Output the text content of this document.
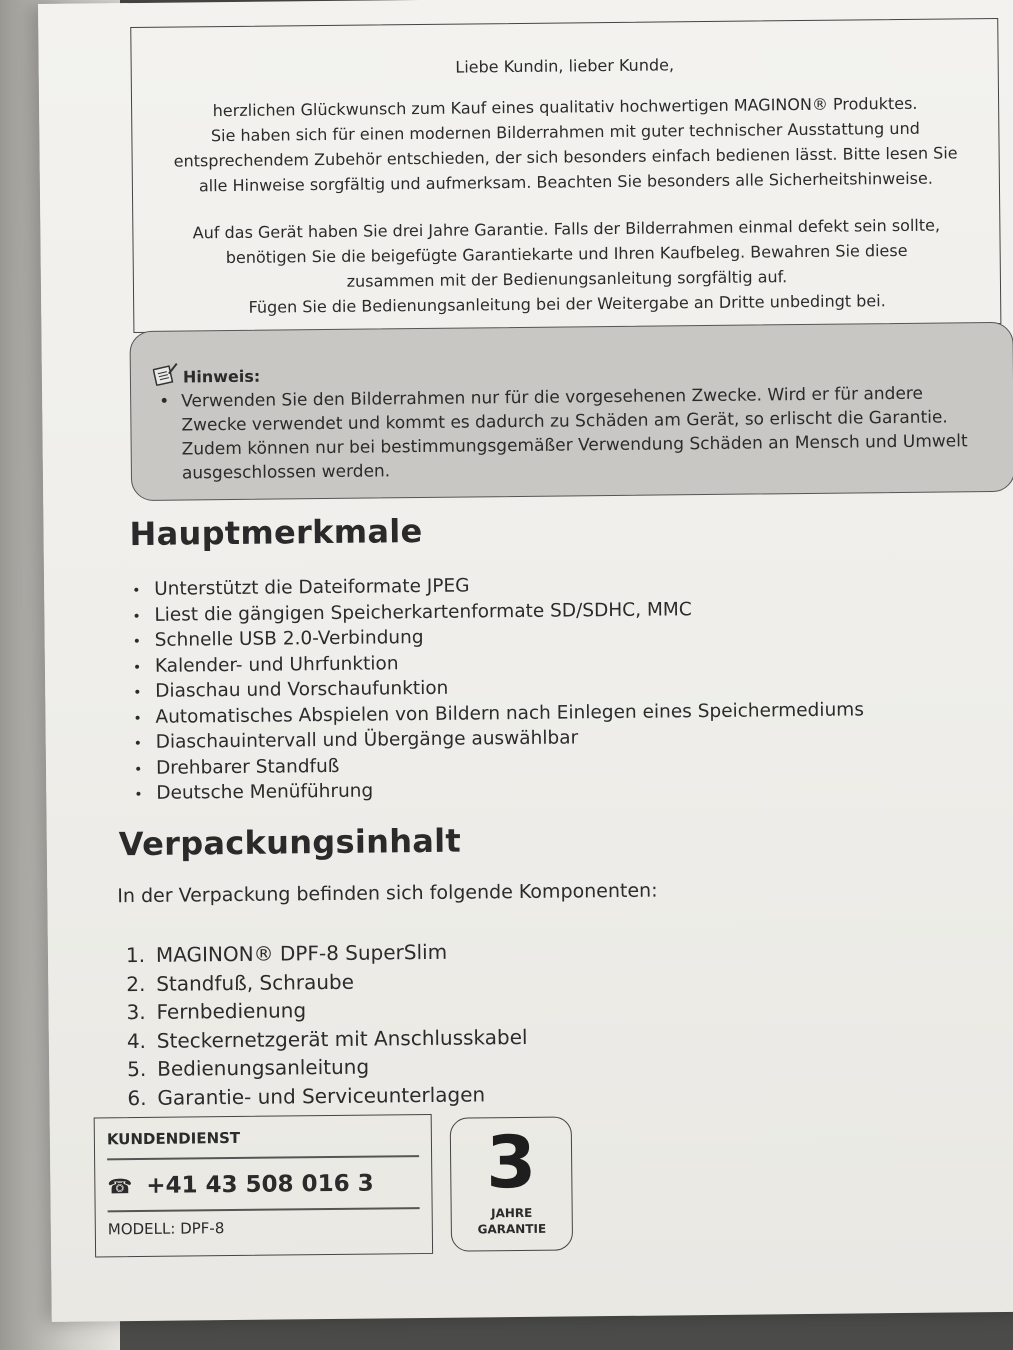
Liebe Kundin, lieber Kunde,

herzlichen Glückwunsch zum Kauf eines qualitativ hochwertigen MAGINON® Produktes.

Sie haben sich für einen modernen Bilderrahmen mit guter technischer Ausstattung und

entsprechendem Zubehör entschieden, der sich besonders einfach bedienen lässt. Bitte lesen Sie

alle Hinweise sorgfältig und aufmerksam. Beachten Sie besonders alle Sicherheitshinweise.

Auf das Gerät haben Sie drei Jahre Garantie. Falls der Bilderrahmen einmal defekt sein sollte,

benötigen Sie die beigefügte Garantiekarte und Ihren Kaufbeleg. Bewahren Sie diese

zusammen mit der Bedienungsanleitung sorgfältig auf.

Fügen Sie die Bedienungsanleitung bei der Weitergabe an Dritte unbedingt bei.

Hinweis:
• Verwenden Sie den Bilderrahmen nur für die vorgesehenen Zwecke. Wird er für andere Zwecke verwendet und kommt es dadurch zu Schäden am Gerät, so erlischt die Garantie. Zudem können nur bei bestimmungsgemäßer Verwendung Schäden an Mensch und Umwelt ausgeschlossen werden.
Hauptmerkmale
• Unterstützt die Dateiformate JPEG
• Liest die gängigen Speicherkartenformate SD/SDHC, MMC
• Schnelle USB 2.0-Verbindung
• Kalender- und Uhrfunktion
• Diaschau und Vorschaufunktion
• Automatisches Abspielen von Bildern nach Einlegen eines Speichermediums
• Diaschauintervall und Übergänge auswählbar
• Drehbarer Standfuß
• Deutsche Menüführung
Verpackungsinhalt
In der Verpackung befinden sich folgende Komponenten:
1. MAGINON® DPF-8 SuperSlim
2. Standfuß, Schraube
3. Fernbedienung
4. Steckernetzgerät mit Anschlusskabel
5. Bedienungsanleitung
6. Garantie- und Serviceunterlagen
KUNDENDIENST
☎ +41 43 508 016 3
MODELL: DPF-8
3
JAHRE
GARANTIE
